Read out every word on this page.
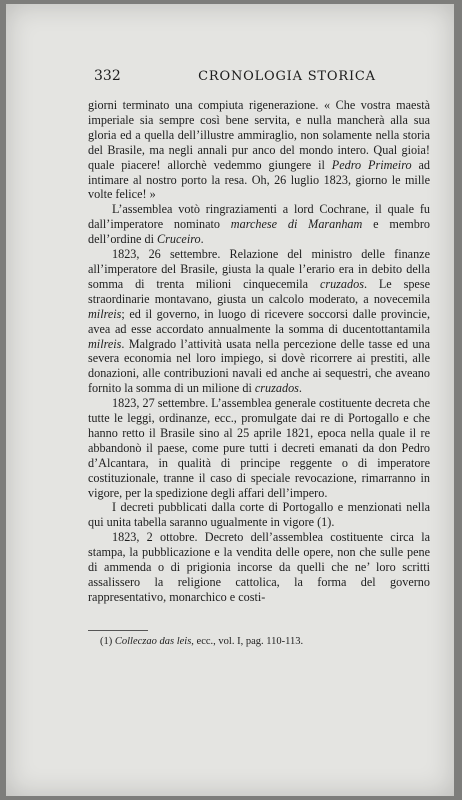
332	CRONOLOGIA STORICA

giorni terminato una compiuta rigenerazione. « Che vostra maestà imperiale sia sempre così bene servita, e nulla mancherà alla sua gloria ed a quella dell’illustre ammiraglio, non solamente nella storia del Brasile, ma negli annali pur anco del mondo intero. Qual gioia! quale piacere! allorchè vedemmo giungere il Pedro Primeiro ad intimare al nostro porto la resa. Oh, 26 luglio 1823, giorno le mille volte felice! »

L’assemblea votò ringraziamenti a lord Cochrane, il quale fu dall’imperatore nominato marchese di Maranham e membro dell’ordine di Cruceiro.

1823, 26 settembre. Relazione del ministro delle finanze all’imperatore del Brasile, giusta la quale l’erario era in debito della somma di trenta milioni cinquecemila cruzados. Le spese straordinarie montavano, giusta un calcolo moderato, a novecemila milreis; ed il governo, in luogo di ricevere soccorsi dalle provincie, avea ad esse accordato annualmente la somma di ducentottantamila milreis. Malgrado l’attività usata nella percezione delle tasse ed una severa economia nel loro impiego, si dovè ricorrere ai prestiti, alle donazioni, alle contribuzioni navali ed anche ai sequestri, che aveano fornito la somma di un milione di cruzados.

1823, 27 settembre. L’assemblea generale costituente decreta che tutte le leggi, ordinanze, ecc., promulgate dai re di Portogallo e che hanno retto il Brasile sino al 25 aprile 1821, epoca nella quale il re abbandonò il paese, come pure tutti i decreti emanati da don Pedro d’Alcantara, in qualità di principe reggente o di imperatore costituzionale, tranne il caso di speciale revocazione, rimarranno in vigore, per la spedizione degli affari dell’impero.

I decreti pubblicati dalla corte di Portogallo e menzionati nella qui unita tabella saranno ugualmente in vigore (1).

1823, 2 ottobre. Decreto dell’assemblea costituente circa la stampa, la pubblicazione e la vendita delle opere, non che sulle pene di ammenda o di prigionia incorse da quelli che ne’ loro scritti assalissero la religione cattolica, la forma del governo rappresentativo, monarchico e costi-

(1) Colleczao das leis, ecc., vol. I, pag. 110-113.
